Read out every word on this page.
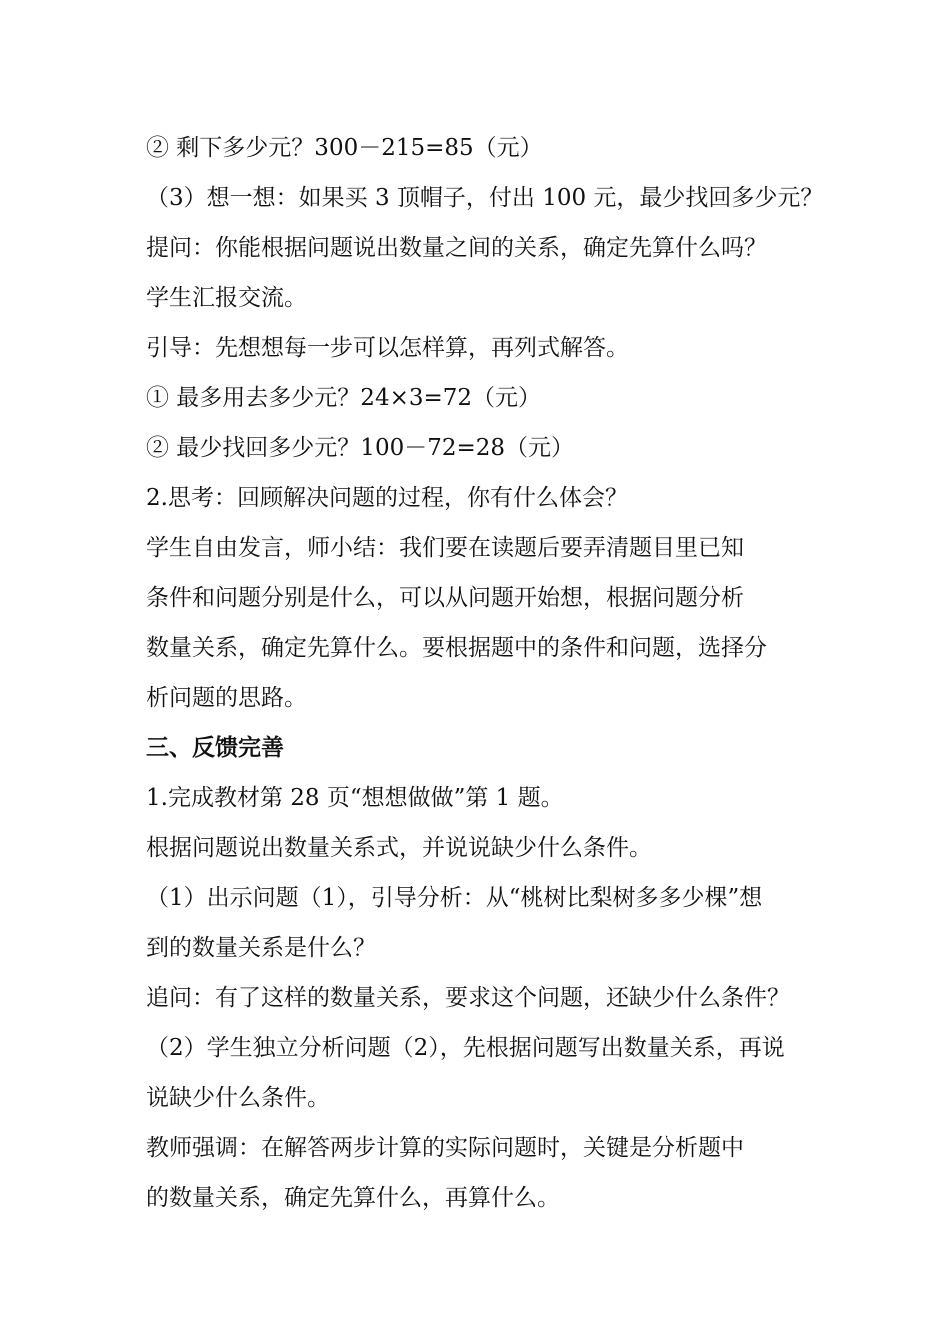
② 剩下多少元？300－215=85（元）
（3）想一想：如果买 3 顶帽子，付出 100 元，最少找回多少元？
提问：你能根据问题说出数量之间的关系，确定先算什么吗？
学生汇报交流。
引导：先想想每一步可以怎样算，再列式解答。
① 最多用去多少元？24×3=72（元）
② 最少找回多少元？100－72=28（元）
2.思考：回顾解决问题的过程，你有什么体会？
学生自由发言，师小结：我们要在读题后要弄清题目里已知
条件和问题分别是什么，可以从问题开始想，根据问题分析
数量关系，确定先算什么。要根据题中的条件和问题，选择分
析问题的思路。
三、反馈完善
1.完成教材第 28 页“想想做做”第 1 题。
根据问题说出数量关系式，并说说缺少什么条件。
（1）出示问题（1），引导分析：从“桃树比梨树多多少棵”想
到的数量关系是什么？
追问：有了这样的数量关系，要求这个问题，还缺少什么条件？
（2）学生独立分析问题（2），先根据问题写出数量关系，再说
说缺少什么条件。
教师强调：在解答两步计算的实际问题时，关键是分析题中
的数量关系，确定先算什么，再算什么。
